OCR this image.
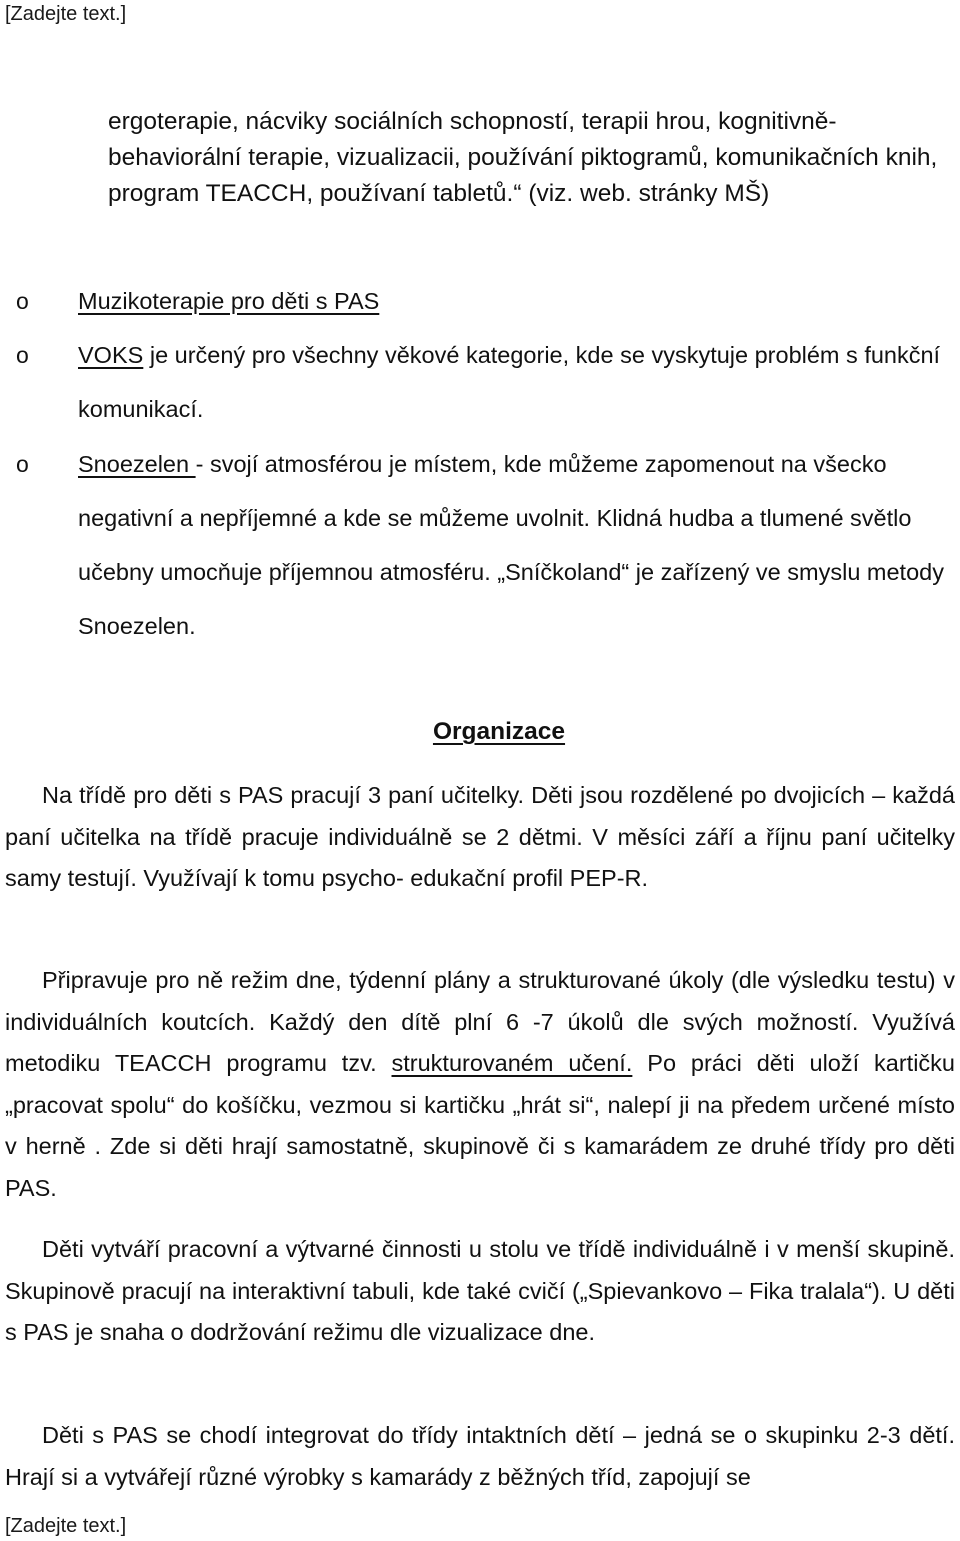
[Zadejte text.]
ergoterapie, nácviky sociálních schopností, terapii hrou, kognitivně-behaviorální terapie, vizualizacii, používání piktogramů, komunikačních knih, program TEACCH, používaní tabletů.“ (viz. web. stránky MŠ)
o Muzikoterapie pro děti s PAS
o VOKS je určený pro všechny věkové kategorie, kde se vyskytuje problém s funkční komunikací.
o Snoezelen - svojí atmosférou je místem, kde můžeme zapomenout na všecko negativní a nepříjemné a kde se můžeme uvolnit. Klidná hudba a tlumené světlo učebny umocňuje příjemnou atmosféru. „Sníčkoland“ je zařízený ve smyslu metody Snoezelen.
Organizace
Na třídě pro děti s PAS pracují 3 paní učitelky. Děti jsou rozdělené po dvojicích – každá paní učitelka na třídě pracuje individuálně se 2 dětmi. V měsíci září a říjnu paní učitelky samy testují. Využívají k tomu psycho- edukační profil PEP-R.
Připravuje pro ně režim dne, týdenní plány a strukturované úkoly (dle výsledku testu) v individuálních koutcích. Každý den dítě plní 6 -7 úkolů dle svých možností. Využívá metodiku TEACCH programu tzv. strukturovaném učení. Po práci děti uloží kartičku „pracovat spolu“ do košíčku, vezmou si kartičku „hrát si“, nalepí ji na předem určené místo v herně . Zde si děti hrají samostatně, skupinově či s kamarádem ze druhé třídy pro děti PAS.
Děti vytváří pracovní a výtvarné činnosti u stolu ve třídě individuálně i v menší skupině. Skupinově pracují na interaktivní tabuli, kde také cvičí („Spievankovo – Fika tralala“). U děti s PAS je snaha o dodržování režimu dle vizualizace dne.
Děti s PAS se chodí integrovat do třídy intaktních dětí – jedná se o skupinku 2-3 dětí. Hrají si a vytvářejí různé výrobky s kamarády z běžných tříd, zapojují se
[Zadejte text.]
